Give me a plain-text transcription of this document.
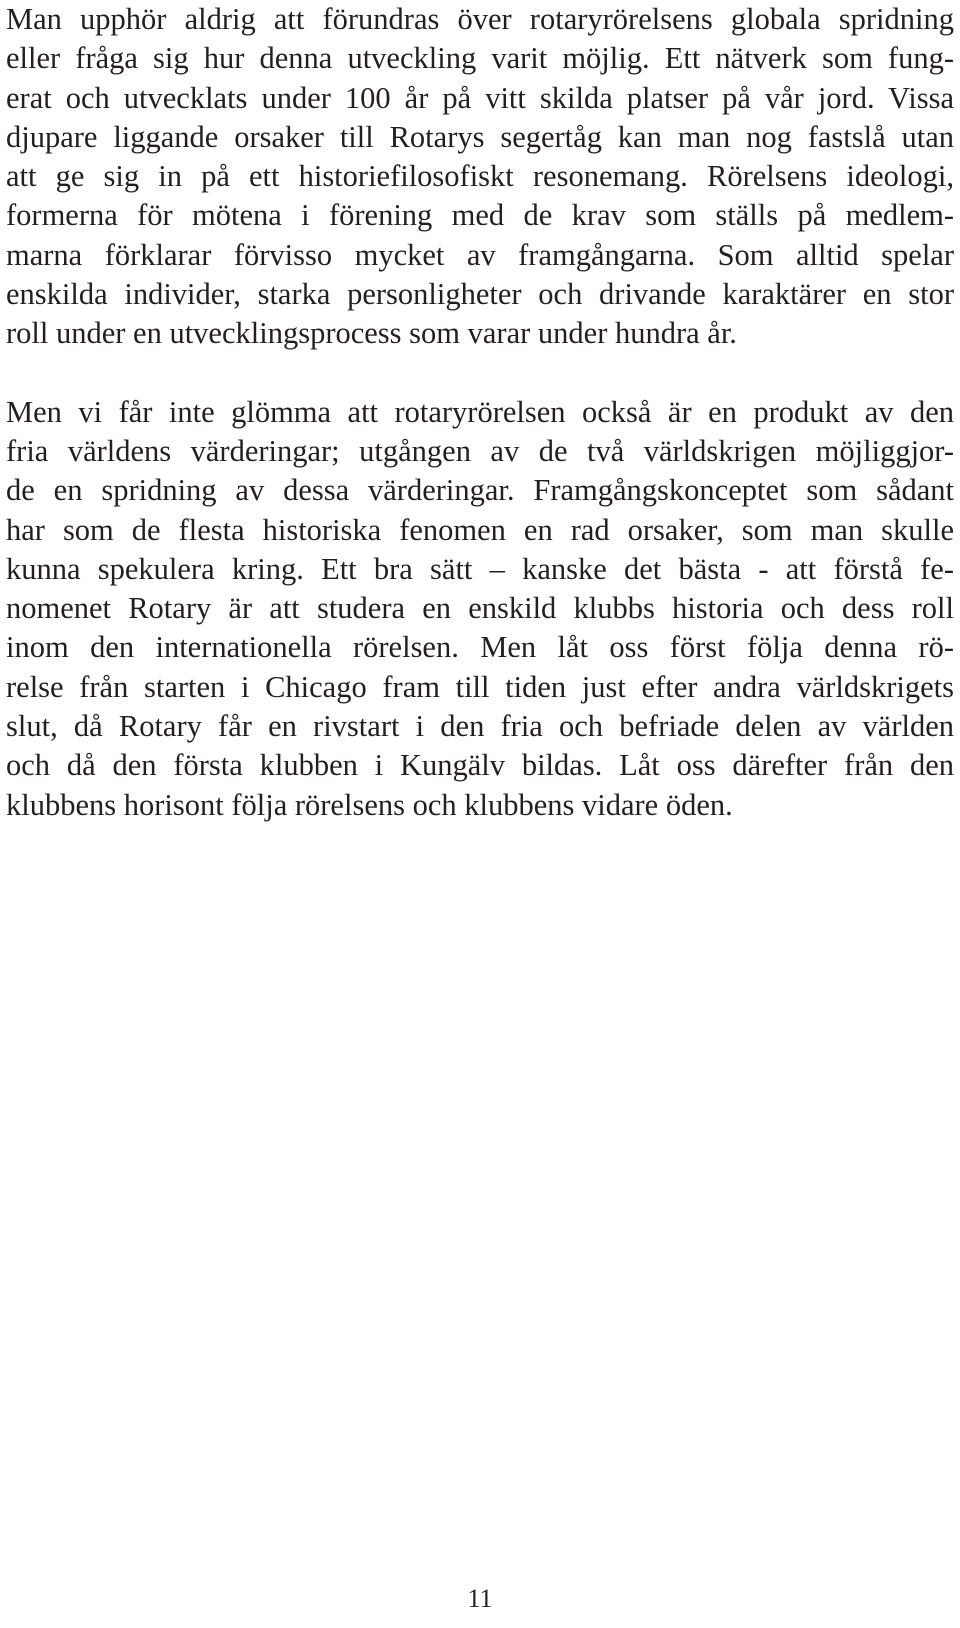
Man upphör aldrig att förundras över rotaryrörelsens globala spridning
eller fråga sig hur denna utveckling varit möjlig. Ett nätverk som fung-
erat och utvecklats under 100 år på vitt skilda platser på vår jord. Vissa
djupare liggande orsaker till Rotarys segertåg kan man nog fastslå utan
att ge sig in på ett historiefilosofiskt resonemang. Rörelsens ideologi,
formerna för mötena i förening med de krav som ställs på medlem-
marna förklarar förvisso mycket av framgångarna. Som alltid spelar
enskilda individer, starka personligheter och drivande karaktärer en stor
roll under en utvecklingsprocess som varar under hundra år.

Men vi får inte glömma att rotaryrörelsen också är en produkt av den
fria världens värderingar; utgången av de två världskrigen möjliggjor-
de en spridning av dessa värderingar. Framgångskonceptet som sådant
har som de flesta historiska fenomen en rad orsaker, som man skulle
kunna spekulera kring. Ett bra sätt – kanske det bästa - att förstå fe-
nomenet Rotary är att studera en enskild klubbs historia och dess roll
inom den internationella rörelsen. Men låt oss först följa denna rö-
relse från starten i Chicago fram till tiden just efter andra världskrigets
slut, då Rotary får en rivstart i den fria och befriade delen av världen
och då den första klubben i Kungälv bildas. Låt oss därefter från den
klubbens horisont följa rörelsens och klubbens vidare öden.

11
